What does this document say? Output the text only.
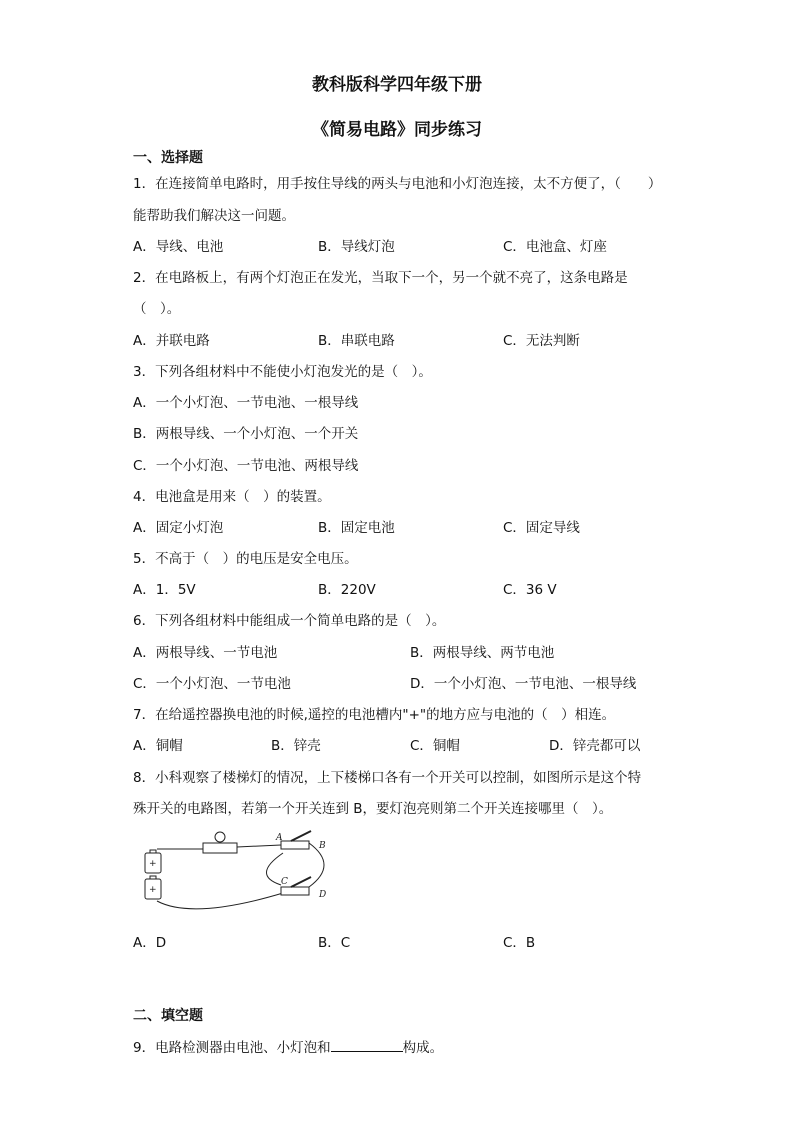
教科版科学四年级下册
《简易电路》同步练习
一、选择题
1．在连接简单电路时，用手按住导线的两头与电池和小灯泡连接，太不方便了，（　　）
能帮助我们解决这一问题。
A．导线、电池	B．导线灯泡	C．电池盒、灯座
2．在电路板上，有两个灯泡正在发光，当取下一个，另一个就不亮了，这条电路是
（　）。
A．并联电路	B．串联电路	C．无法判断
3．下列各组材料中不能使小灯泡发光的是（　）。
A．一个小灯泡、一节电池、一根导线
B．两根导线、一个小灯泡、一个开关
C．一个小灯泡、一节电池、两根导线
4．电池盒是用来（　）的装置。
A．固定小灯泡	B．固定电池	C．固定导线
5．不高于（　）的电压是安全电压。
A．1．5V	B．220V	C．36 V
6．下列各组材料中能组成一个简单电路的是（　）。
A．两根导线、一节电池	B．两根导线、两节电池
C．一个小灯泡、一节电池	D．一个小灯泡、一节电池、一根导线
7．在给遥控器换电池的时候,遥控的电池槽内"+"的地方应与电池的（　）相连。
A．铜帽	B．锌壳	C．铜帽	D．锌壳都可以
8．小科观察了楼梯灯的情况，上下楼梯口各有一个开关可以控制，如图所示是这个特
殊开关的电路图，若第一个开关连到 B，要灯泡亮则第二个开关连接哪里（　）。
+
+
A
B
C
D
A．D	B．C	C．B
二、填空题
9．电路检测器由电池、小灯泡和	构成。
